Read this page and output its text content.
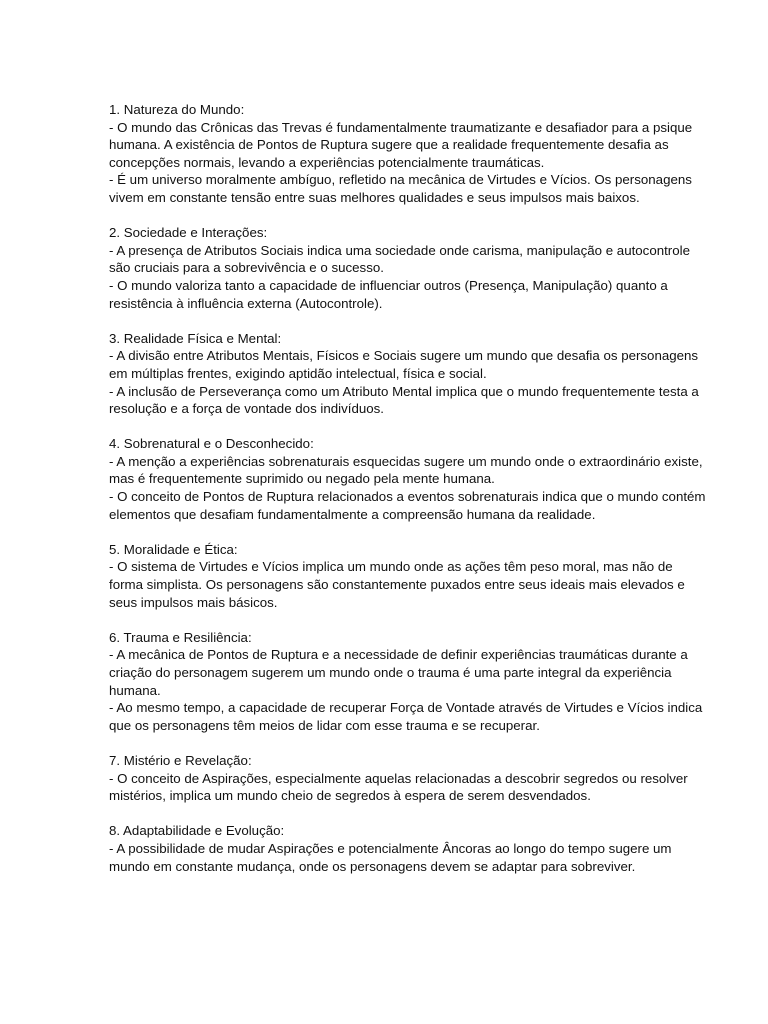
1. Natureza do Mundo:
- O mundo das Crônicas das Trevas é fundamentalmente traumatizante e desafiador para a psique humana. A existência de Pontos de Ruptura sugere que a realidade frequentemente desafia as concepções normais, levando a experiências potencialmente traumáticas.
- É um universo moralmente ambíguo, refletido na mecânica de Virtudes e Vícios. Os personagens vivem em constante tensão entre suas melhores qualidades e seus impulsos mais baixos.
2. Sociedade e Interações:
- A presença de Atributos Sociais indica uma sociedade onde carisma, manipulação e autocontrole são cruciais para a sobrevivência e o sucesso.
- O mundo valoriza tanto a capacidade de influenciar outros (Presença, Manipulação) quanto a resistência à influência externa (Autocontrole).
3. Realidade Física e Mental:
- A divisão entre Atributos Mentais, Físicos e Sociais sugere um mundo que desafia os personagens em múltiplas frentes, exigindo aptidão intelectual, física e social.
- A inclusão de Perseverança como um Atributo Mental implica que o mundo frequentemente testa a resolução e a força de vontade dos indivíduos.
4. Sobrenatural e o Desconhecido:
- A menção a experiências sobrenaturais esquecidas sugere um mundo onde o extraordinário existe, mas é frequentemente suprimido ou negado pela mente humana.
- O conceito de Pontos de Ruptura relacionados a eventos sobrenaturais indica que o mundo contém elementos que desafiam fundamentalmente a compreensão humana da realidade.
5. Moralidade e Ética:
- O sistema de Virtudes e Vícios implica um mundo onde as ações têm peso moral, mas não de forma simplista. Os personagens são constantemente puxados entre seus ideais mais elevados e seus impulsos mais básicos.
6. Trauma e Resiliência:
- A mecânica de Pontos de Ruptura e a necessidade de definir experiências traumáticas durante a criação do personagem sugerem um mundo onde o trauma é uma parte integral da experiência humana.
- Ao mesmo tempo, a capacidade de recuperar Força de Vontade através de Virtudes e Vícios indica que os personagens têm meios de lidar com esse trauma e se recuperar.
7. Mistério e Revelação:
- O conceito de Aspirações, especialmente aquelas relacionadas a descobrir segredos ou resolver mistérios, implica um mundo cheio de segredos à espera de serem desvendados.
8. Adaptabilidade e Evolução:
- A possibilidade de mudar Aspirações e potencialmente Âncoras ao longo do tempo sugere um mundo em constante mudança, onde os personagens devem se adaptar para sobreviver.
